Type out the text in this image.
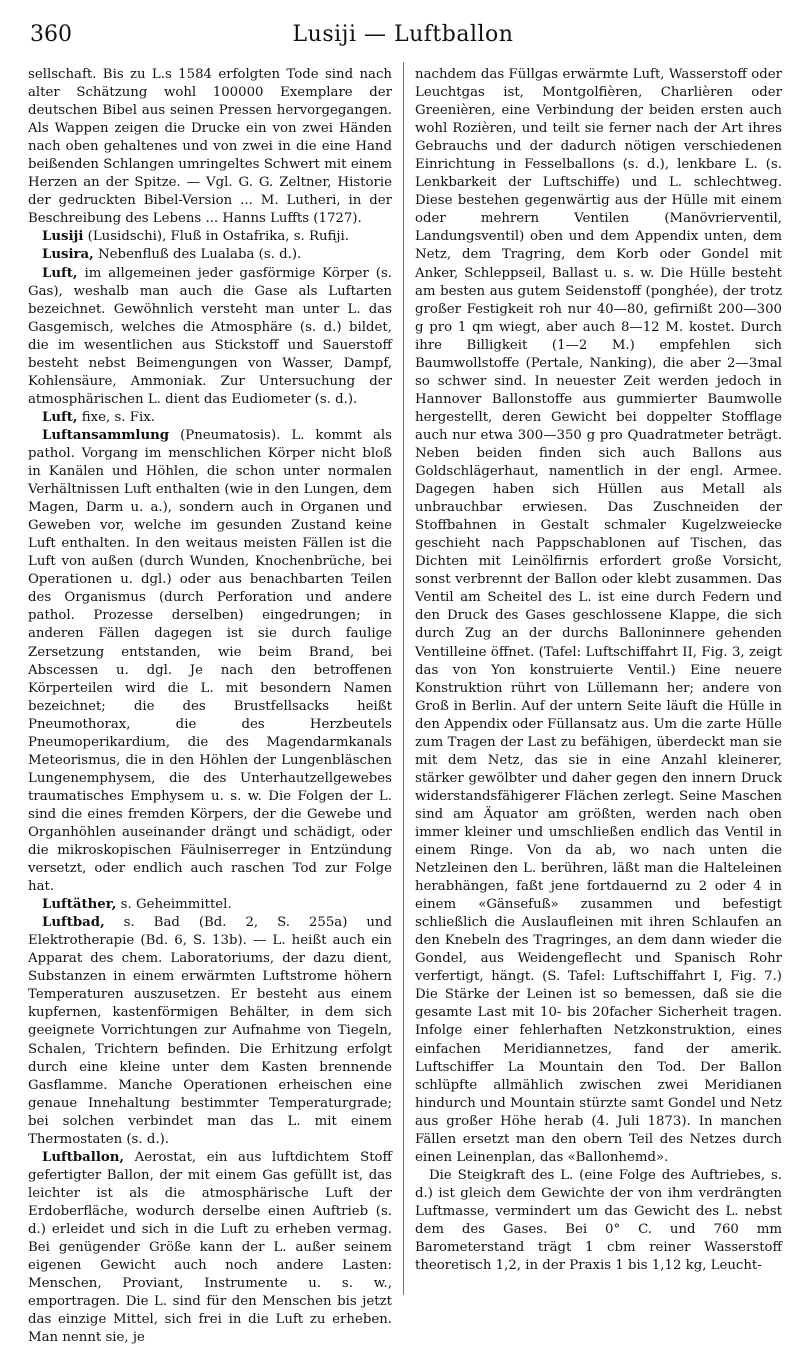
360	Lusiji — Luftballon

sellschaft. Bis zu L.s 1584 erfolgten Tode sind nach alter Schätzung wohl 100000 Exemplare der deutschen Bibel aus seinen Pressen hervorgegangen. Als Wappen zeigen die Drucke ein von zwei Händen nach oben gehaltenes und von zwei in die eine Hand beißenden Schlangen umringeltes Schwert mit einem Herzen an der Spitze. — Vgl. G. G. Zeltner, Historie der gedruckten Bibel-Version ... M. Lutheri, in der Beschreibung des Lebens ... Hanns Luffts (1727).

Lusiji (Lusidschi), Fluß in Ostafrika, s. Rufiji.

Lusira, Nebenfluß des Lualaba (s. d.).

Luft, im allgemeinen jeder gasförmige Körper (s. Gas), weshalb man auch die Gase als Luftarten bezeichnet. Gewöhnlich versteht man unter L. das Gasgemisch, welches die Atmosphäre (s. d.) bildet, die im wesentlichen aus Stickstoff und Sauerstoff besteht nebst Beimengungen von Wasser, Dampf, Kohlensäure, Ammoniak. Zur Untersuchung der atmosphärischen L. dient das Eudiometer (s. d.).

Luft, fixe, s. Fix.

Luftansammlung (Pneumatosis). L. kommt als pathol. Vorgang im menschlichen Körper nicht bloß in Kanälen und Höhlen, die schon unter normalen Verhältnissen Luft enthalten (wie in den Lungen, dem Magen, Darm u. a.), sondern auch in Organen und Geweben vor, welche im gesunden Zustand keine Luft enthalten. In den weitaus meisten Fällen ist die Luft von außen (durch Wunden, Knochenbrüche, bei Operationen u. dgl.) oder aus benachbarten Teilen des Organismus (durch Perforation und andere pathol. Prozesse derselben) eingedrungen; in anderen Fällen dagegen ist sie durch faulige Zersetzung entstanden, wie beim Brand, bei Abscessen u. dgl. Je nach den betroffenen Körperteilen wird die L. mit besondern Namen bezeichnet; die des Brustfellsacks heißt Pneumothorax, die des Herzbeutels Pneumoperikardium, die des Magendarmkanals Meteorismus, die in den Höhlen der Lungenbläschen Lungenemphysem, die des Unterhautzellgewebes traumatisches Emphysem u. s. w. Die Folgen der L. sind die eines fremden Körpers, der die Gewebe und Organhöhlen auseinander drängt und schädigt, oder die mikroskopischen Fäulniserreger in Entzündung versetzt, oder endlich auch raschen Tod zur Folge hat.

Luftäther, s. Geheimmittel.

Luftbad, s. Bad (Bd. 2, S. 255a) und Elektrotherapie (Bd. 6, S. 13b). — L. heißt auch ein Apparat des chem. Laboratoriums, der dazu dient, Substanzen in einem erwärmten Luftstrome höhern Temperaturen auszusetzen. Er besteht aus einem kupfernen, kastenförmigen Behälter, in dem sich geeignete Vorrichtungen zur Aufnahme von Tiegeln, Schalen, Trichtern befinden. Die Erhitzung erfolgt durch eine kleine unter dem Kasten brennende Gasflamme. Manche Operationen erheischen eine genaue Innehaltung bestimmter Temperaturgrade; bei solchen verbindet man das L. mit einem Thermostaten (s. d.).

Luftballon, Aerostat, ein aus luftdichtem Stoff gefertigter Ballon, der mit einem Gas gefüllt ist, das leichter ist als die atmosphärische Luft der Erdoberfläche, wodurch derselbe einen Auftrieb (s. d.) erleidet und sich in die Luft zu erheben vermag. Bei genügender Größe kann der L. außer seinem eigenen Gewicht auch noch andere Lasten: Menschen, Proviant, Instrumente u. s. w., emportragen. Die L. sind für den Menschen bis jetzt das einzige Mittel, sich frei in die Luft zu erheben. Man nennt sie, je

nachdem das Füllgas erwärmte Luft, Wasserstoff oder Leuchtgas ist, Montgolfièren, Charlièren oder Greenièren, eine Verbindung der beiden ersten auch wohl Rozièren, und teilt sie ferner nach der Art ihres Gebrauchs und der dadurch nötigen verschiedenen Einrichtung in Fesselballons (s. d.), lenkbare L. (s. Lenkbarkeit der Luftschiffe) und L. schlechtweg. Diese bestehen gegenwärtig aus der Hülle mit einem oder mehrern Ventilen (Manövrierventil, Landungsventil) oben und dem Appendix unten, dem Netz, dem Tragring, dem Korb oder Gondel mit Anker, Schleppseil, Ballast u. s. w. Die Hülle besteht am besten aus gutem Seidenstoff (ponghée), der trotz großer Festigkeit roh nur 40—80, gefirnißt 200—300 g pro 1 qm wiegt, aber auch 8—12 M. kostet. Durch ihre Billigkeit (1—2 M.) empfehlen sich Baumwollstoffe (Pertale, Nanking), die aber 2—3mal so schwer sind. In neuester Zeit werden jedoch in Hannover Ballonstoffe aus gummierter Baumwolle hergestellt, deren Gewicht bei doppelter Stofflage auch nur etwa 300—350 g pro Quadratmeter beträgt. Neben beiden finden sich auch Ballons aus Goldschlägerhaut, namentlich in der engl. Armee. Dagegen haben sich Hüllen aus Metall als unbrauchbar erwiesen. Das Zuschneiden der Stoffbahnen in Gestalt schmaler Kugelzweiecke geschieht nach Pappschablonen auf Tischen, das Dichten mit Leinölfirnis erfordert große Vorsicht, sonst verbrennt der Ballon oder klebt zusammen. Das Ventil am Scheitel des L. ist eine durch Federn und den Druck des Gases geschlossene Klappe, die sich durch Zug an der durchs Balloninnere gehenden Ventilleine öffnet. (Tafel: Luftschiffahrt II, Fig. 3, zeigt das von Yon konstruierte Ventil.) Eine neuere Konstruktion rührt von Lüllemann her; andere von Groß in Berlin. Auf der untern Seite läuft die Hülle in den Appendix oder Füllansatz aus. Um die zarte Hülle zum Tragen der Last zu befähigen, überdeckt man sie mit dem Netz, das sie in eine Anzahl kleinerer, stärker gewölbter und daher gegen den innern Druck widerstandsfähigerer Flächen zerlegt. Seine Maschen sind am Äquator am größten, werden nach oben immer kleiner und umschließen endlich das Ventil in einem Ringe. Von da ab, wo nach unten die Netzleinen den L. berühren, läßt man die Halteleinen herabhängen, faßt jene fortdauernd zu 2 oder 4 in einem «Gänsefuß» zusammen und befestigt schließlich die Auslaufleinen mit ihren Schlaufen an den Knebeln des Tragringes, an dem dann wieder die Gondel, aus Weidengeflecht und Spanisch Rohr verfertigt, hängt. (S. Tafel: Luftschiffahrt I, Fig. 7.) Die Stärke der Leinen ist so bemessen, daß sie die gesamte Last mit 10- bis 20facher Sicherheit tragen. Infolge einer fehlerhaften Netzkonstruktion, eines einfachen Meridiannetzes, fand der amerik. Luftschiffer La Mountain den Tod. Der Ballon schlüpfte allmählich zwischen zwei Meridianen hindurch und Mountain stürzte samt Gondel und Netz aus großer Höhe herab (4. Juli 1873). In manchen Fällen ersetzt man den obern Teil des Netzes durch einen Leinenplan, das «Ballonhemd».

Die Steigkraft des L. (eine Folge des Auftriebes, s. d.) ist gleich dem Gewichte der von ihm verdrängten Luftmasse, vermindert um das Gewicht des L. nebst dem des Gases. Bei 0° C. und 760 mm Barometerstand trägt 1 cbm reiner Wasserstoff theoretisch 1,2, in der Praxis 1 bis 1,12 kg, Leucht-
